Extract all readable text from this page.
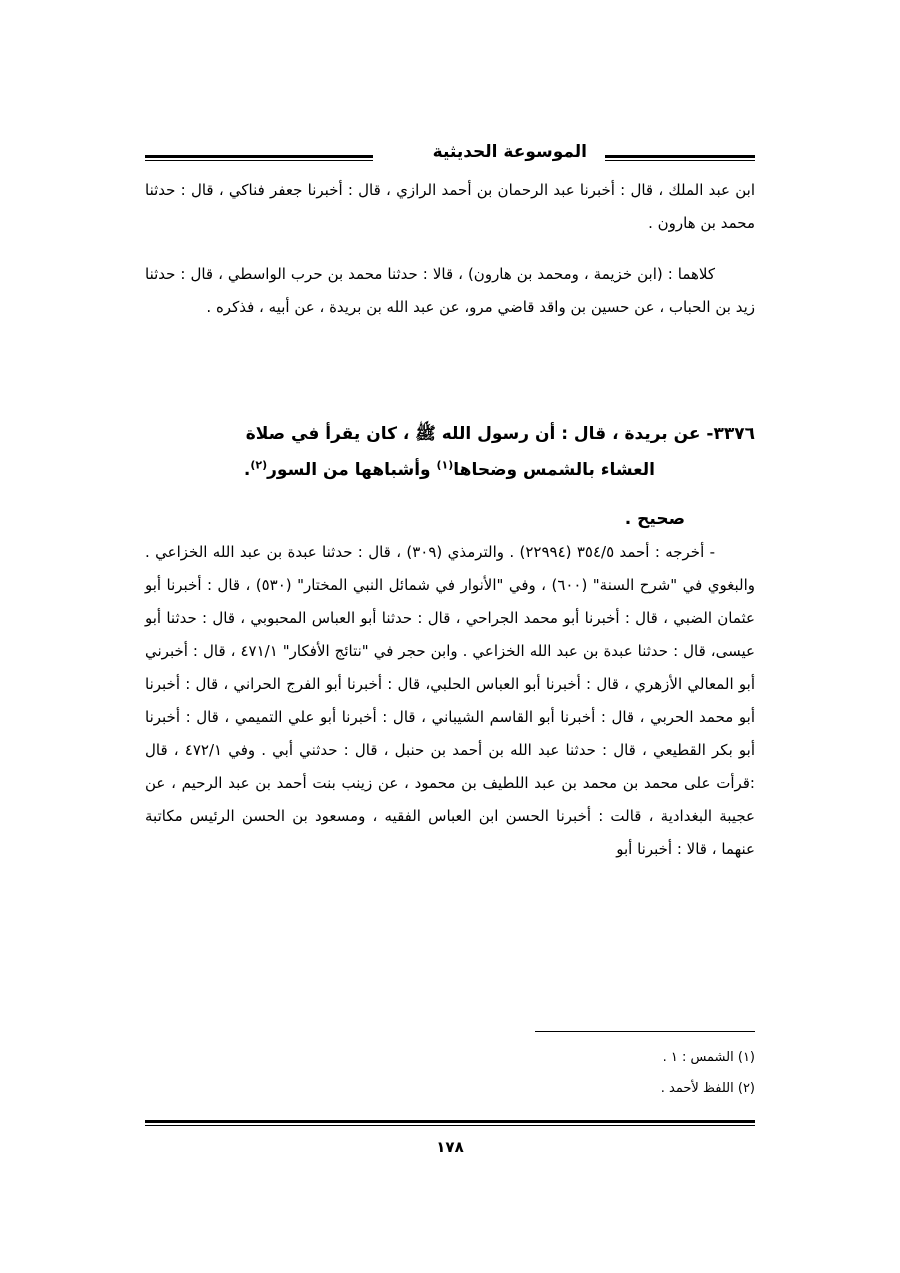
الموسوعة الحديثية

ابن عبد الملك ، قال : أخبرنا عبد الرحمان بن أحمد الرازي ، قال : أخبرنا جعفر فناكي ، قال : حدثنا محمد بن هارون .

كلاهما : (ابن خزيمة ، ومحمد بن هارون) ، قالا : حدثنا محمد بن حرب الواسطي ، قال : حدثنا زيد بن الحباب ، عن حسين بن واقد قاضي مرو، عن عبد الله بن بريدة ، عن أبيه ، فذكره .

٣٣٧٦- عن بريدة ، قال : أن رسول الله ﷺ ، كان يقرأ في صلاة
العشاء بالشمس وضحاها$^{(١)}$ وأشباهها من السور$^{(٢)}$.

صحيح .

- أخرجه : أحمد ٣٥٤/٥ (٢٢٩٩٤) . والترمذي (٣٠٩) ، قال : حدثنا عبدة بن عبد الله الخزاعي . والبغوي في "شرح السنة" (٦٠٠) ، وفي "الأنوار في شمائل النبي المختار" (٥٣٠) ، قال : أخبرنا أبو عثمان الضبي ، قال : أخبرنا أبو محمد الجراحي ، قال : حدثنا أبو العباس المحبوبي ، قال : حدثنا أبو عيسى، قال : حدثنا عبدة بن عبد الله الخزاعي . وابن حجر في "نتائج الأفكار" ٤٧١/١ ، قال : أخبرني أبو المعالي الأزهري ، قال : أخبرنا أبو العباس الحلبي، قال : أخبرنا أبو الفرج الحراني ، قال : أخبرنا أبو محمد الحربي ، قال : أخبرنا أبو القاسم الشيباني ، قال : أخبرنا أبو علي التميمي ، قال : أخبرنا أبو بكر القطيعي ، قال : حدثنا عبد الله بن أحمد بن حنبل ، قال : حدثني أبي . وفي ٤٧٢/١ ، قال :قرأت على محمد بن محمد بن عبد اللطيف بن محمود ، عن زينب بنت أحمد بن عبد الرحيم ، عن عجيبة البغدادية ، قالت : أخبرنا الحسن ابن العباس الفقيه ، ومسعود بن الحسن الرئيس مكاتبة عنهما ، قالا : أخبرنا أبو

(١) الشمس : ١ .
(٢) اللفظ لأحمد .
١٧٨
